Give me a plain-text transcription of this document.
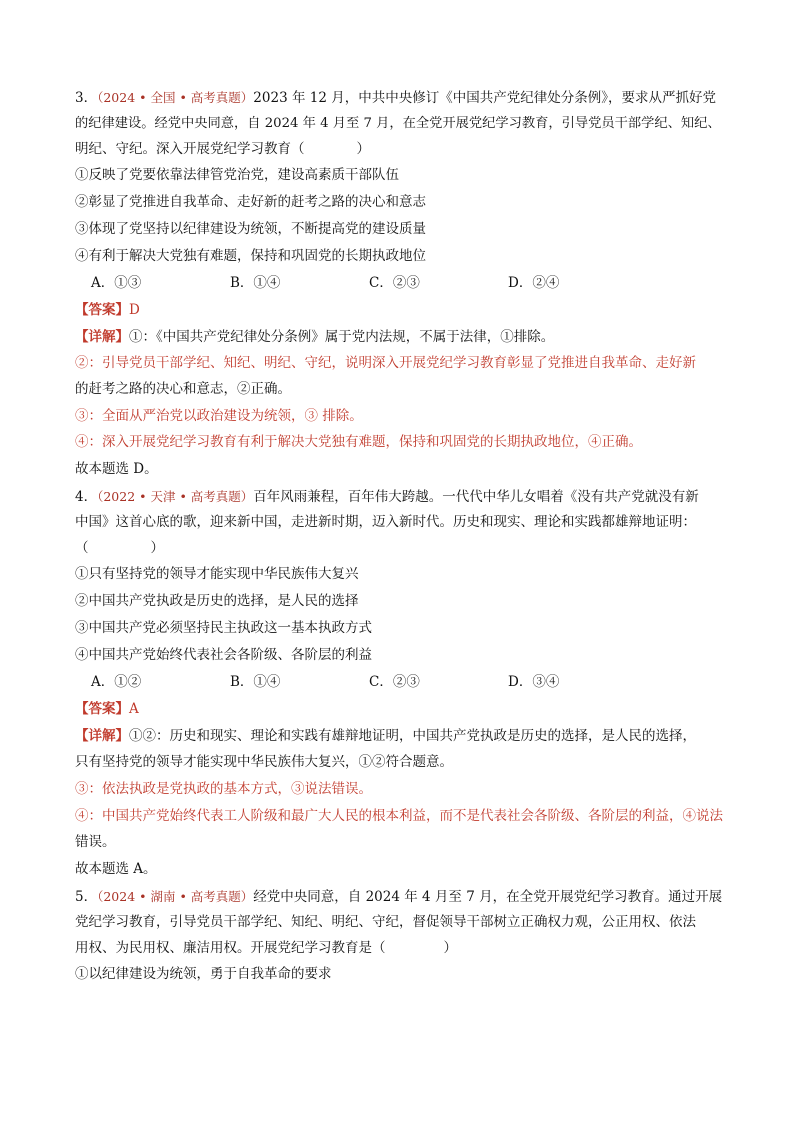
3．（2024 • 全国 • 高考真题）2023 年 12 月，中共中央修订《中国共产党纪律处分条例》，要求从严抓好党
的纪律建设。经党中央同意，自 2024 年 4 月至 7 月，在全党开展党纪学习教育，引导党员干部学纪、知纪、
明纪、守纪。深入开展党纪学习教育（	）
①反映了党要依靠法律管党治党，建设高素质干部队伍
②彰显了党推进自我革命、走好新的赶考之路的决心和意志
③体现了党坚持以纪律建设为统领，不断提高党的建设质量
④有利于解决大党独有难题，保持和巩固党的长期执政地位
A．①③	B．①④	C．②③	D．②④
【答案】D
【详解】①：《中国共产党纪律处分条例》属于党内法规，不属于法律，①排除。
②：引导党员干部学纪、知纪、明纪、守纪，说明深入开展党纪学习教育彰显了党推进自我革命、走好新
的赶考之路的决心和意志，②正确。
③：全面从严治党以政治建设为统领，③ 排除。
④：深入开展党纪学习教育有利于解决大党独有难题，保持和巩固党的长期执政地位，④正确。
故本题选 D。
4．（2022 • 天津 • 高考真题）百年风雨兼程，百年伟大跨越。一代代中华儿女唱着《没有共产党就没有新
中国》这首心底的歌，迎来新中国，走进新时期，迈入新时代。历史和现实、理论和实践都雄辩地证明：
（	）
①只有坚持党的领导才能实现中华民族伟大复兴
②中国共产党执政是历史的选择，是人民的选择
③中国共产党必须坚持民主执政这一基本执政方式
④中国共产党始终代表社会各阶级、各阶层的利益
A．①②	B．①④	C．②③	D．③④
【答案】A
【详解】①②：历史和现实、理论和实践有雄辩地证明，中国共产党执政是历史的选择，是人民的选择，
只有坚持党的领导才能实现中华民族伟大复兴，①②符合题意。
③：依法执政是党执政的基本方式，③说法错误。
④：中国共产党始终代表工人阶级和最广大人民的根本利益，而不是代表社会各阶级、各阶层的利益，④说法
错误。
故本题选 A。
5．（2024 • 湖南 • 高考真题）经党中央同意，自 2024 年 4 月至 7 月，在全党开展党纪学习教育。通过开展
党纪学习教育，引导党员干部学纪、知纪、明纪、守纪，督促领导干部树立正确权力观，公正用权、依法
用权、为民用权、廉洁用权。开展党纪学习教育是（	）
①以纪律建设为统领，勇于自我革命的要求
